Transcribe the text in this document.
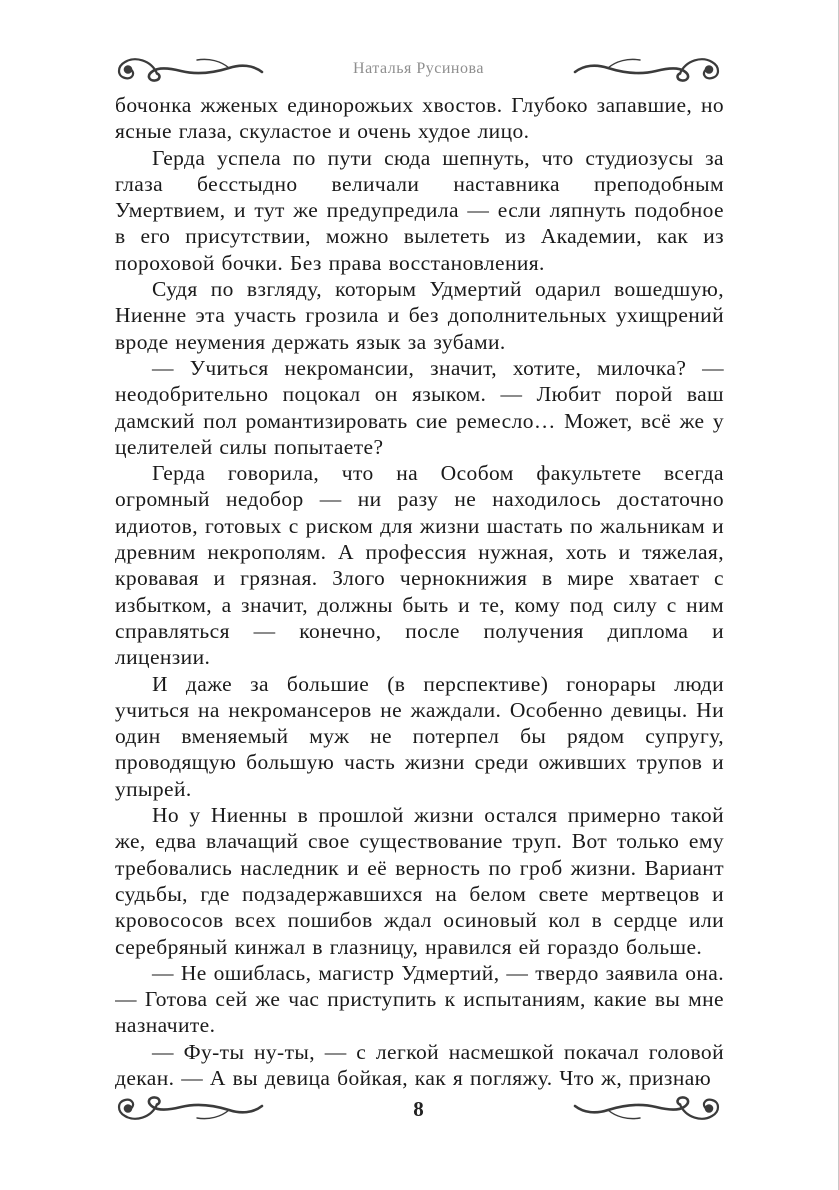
Наталья Русинова

бочонка жженых единорожьих хвостов. Глубоко запавшие, но ясные глаза, скуластое и очень худое лицо.

Герда успела по пути сюда шепнуть, что студиозусы за глаза бесстыдно величали наставника преподобным Умертвием, и тут же предупредила — если ляпнуть подобное в его присутствии, можно вылететь из Академии, как из пороховой бочки. Без права восстановления.

Судя по взгляду, которым Удмертий одарил вошедшую, Ниенне эта участь грозила и без дополнительных ухищрений вроде неумения держать язык за зубами.

— Учиться некромансии, значит, хотите, милочка? — неодобрительно поцокал он языком. — Любит порой ваш дамский пол романтизировать сие ремесло… Может, всё же у целителей силы попытаете?

Герда говорила, что на Особом факультете всегда огромный недобор — ни разу не находилось достаточно идиотов, готовых с риском для жизни шастать по жальникам и древним некрополям. А профессия нужная, хоть и тяжелая, кровавая и грязная. Злого чернокнижия в мире хватает с избытком, а значит, должны быть и те, кому под силу с ним справляться — конечно, после получения диплома и лицензии.

И даже за большие (в перспективе) гонорары люди учиться на некромансеров не жаждали. Особенно девицы. Ни один вменяемый муж не потерпел бы рядом супругу, проводящую большую часть жизни среди оживших трупов и упырей.

Но у Ниенны в прошлой жизни остался примерно такой же, едва влачащий свое существование труп. Вот только ему требовались наследник и её верность по гроб жизни. Вариант судьбы, где подзадержавшихся на белом свете мертвецов и кровососов всех пошибов ждал осиновый кол в сердце или серебряный кинжал в глазницу, нравился ей гораздо больше.

— Не ошиблась, магистр Удмертий, — твердо заявила она. — Готова сей же час приступить к испытаниям, какие вы мне назначите.

— Фу-ты ну-ты, — с легкой насмешкой покачал головой декан. — А вы девица бойкая, как я погляжу. Что ж, признаю

8
